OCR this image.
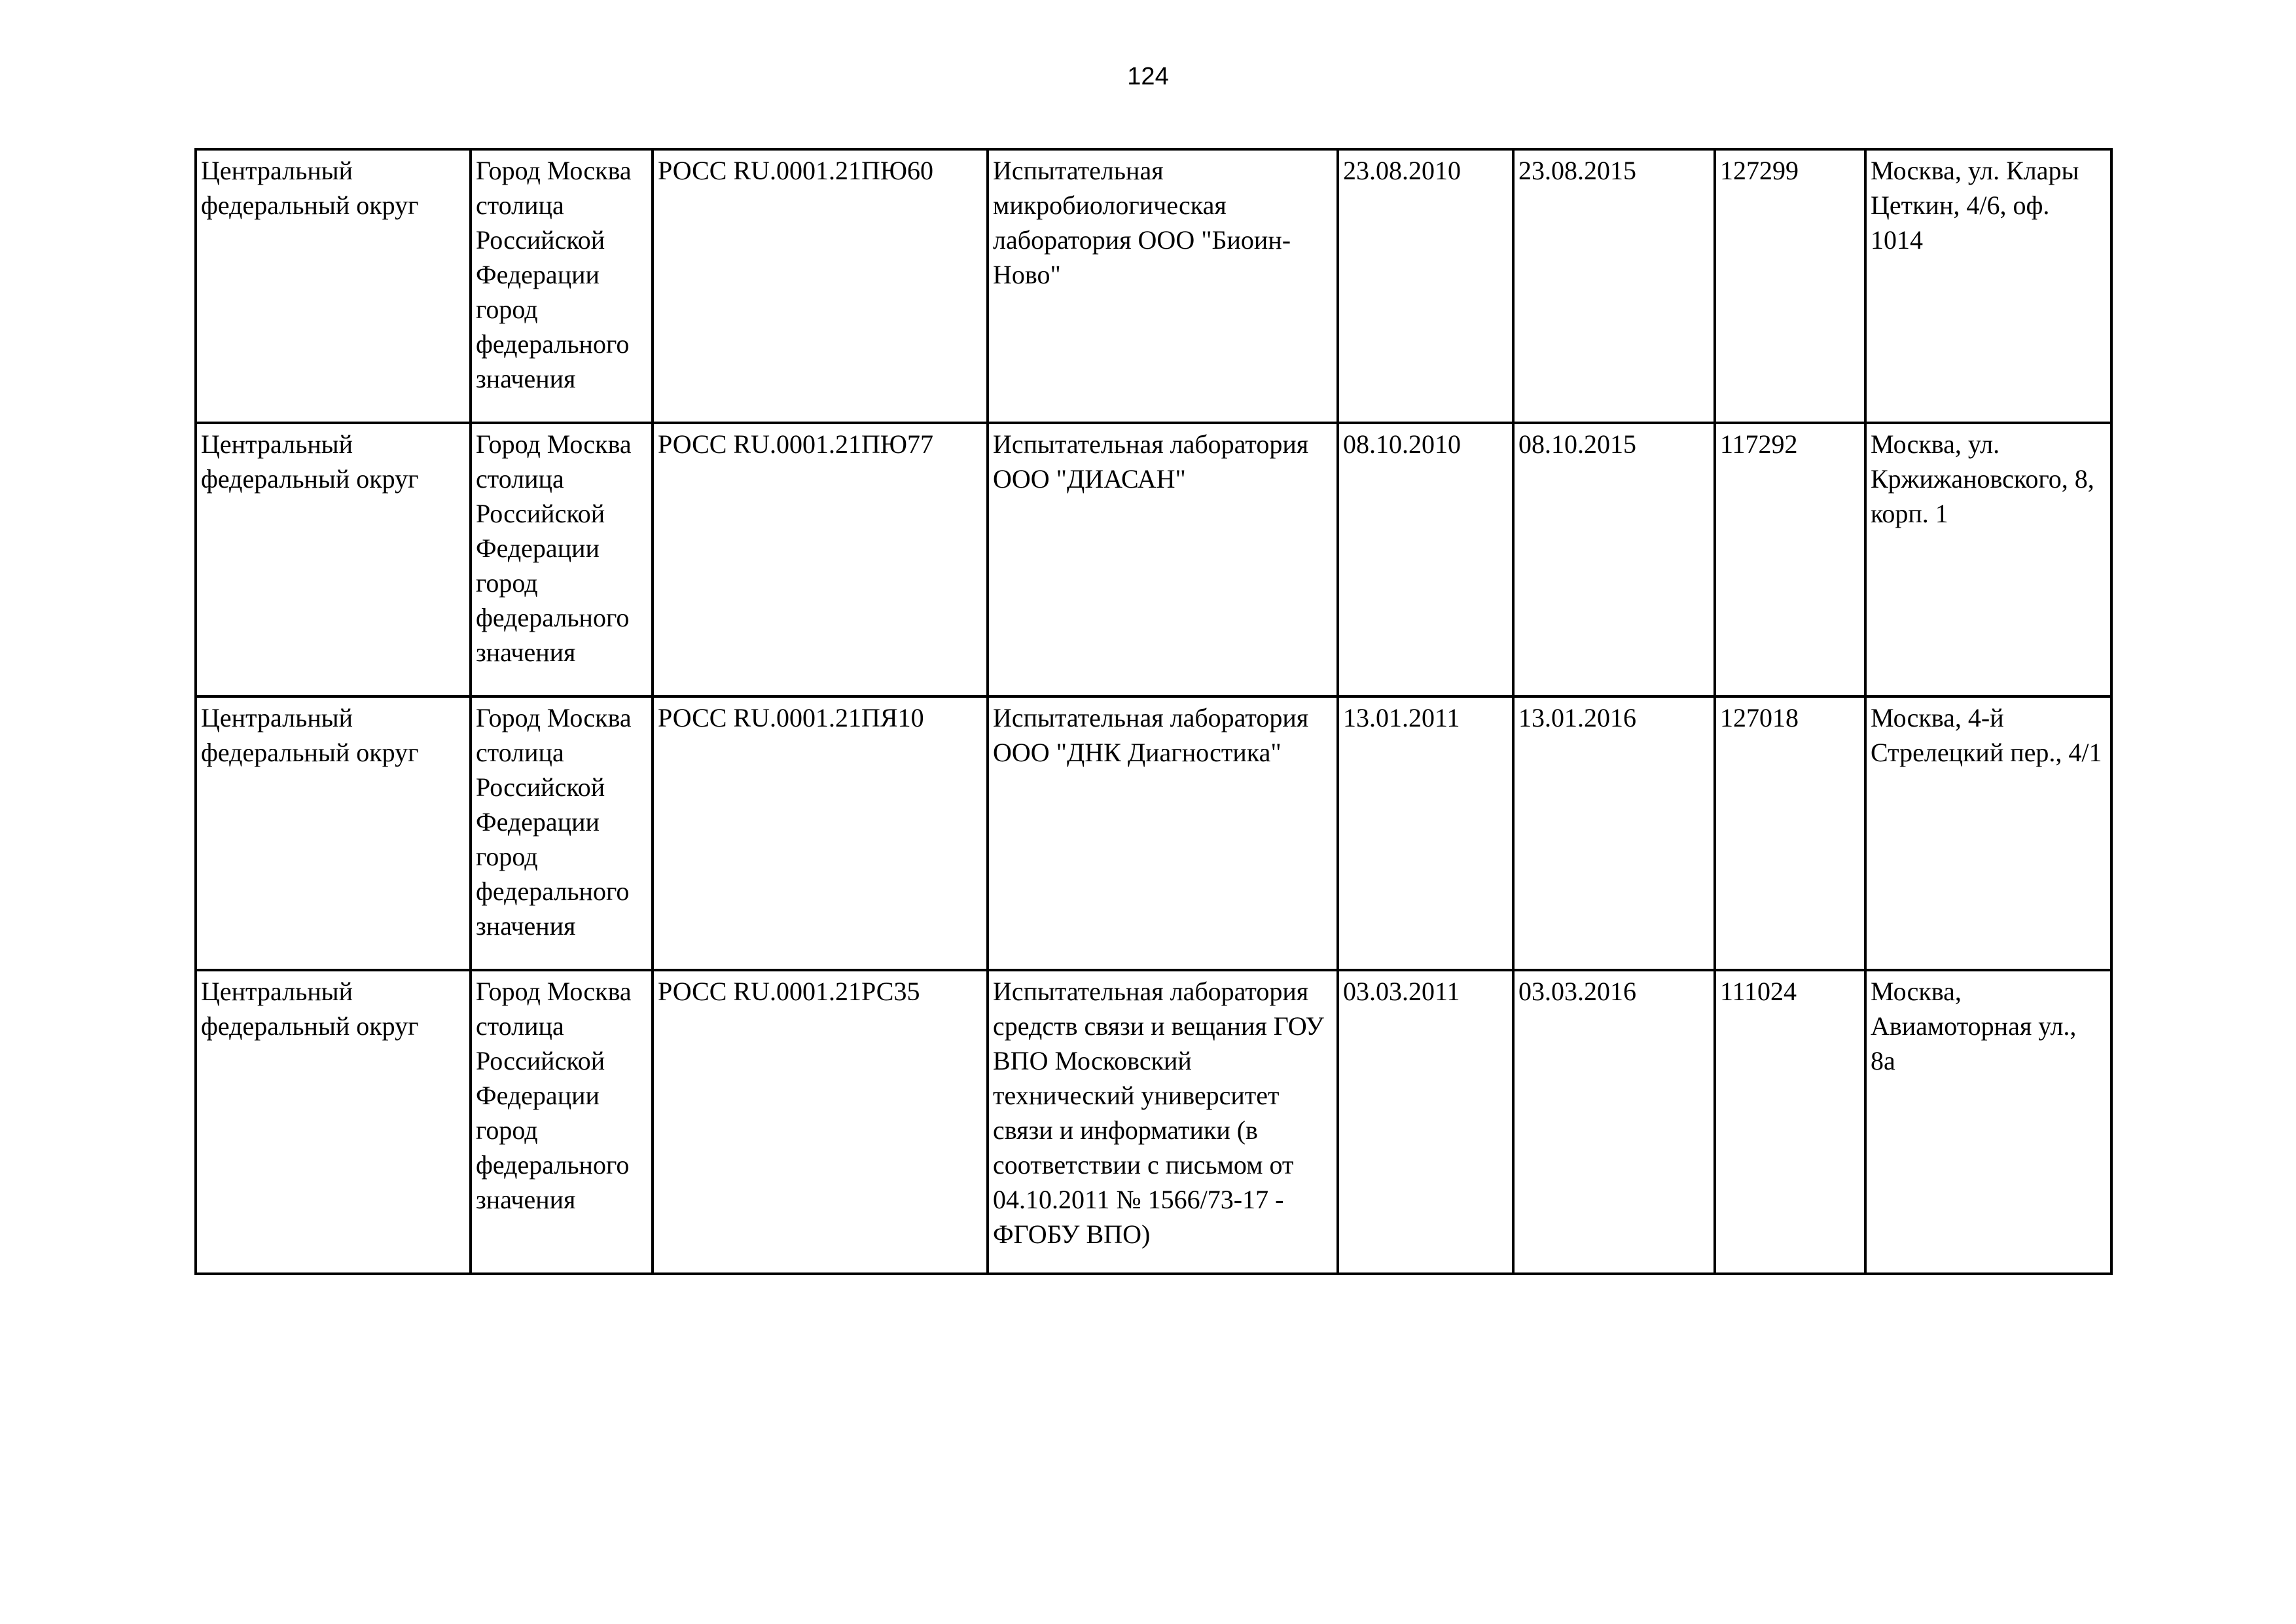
124
Центральный федеральный округ	Город Москва столица Российской Федерации город федерального значения	РОСС RU.0001.21ПЮ60	Испытательная микробиологическая лаборатория ООО "Биоин-Ново"	23.08.2010	23.08.2015	127299	Москва, ул. Клары Цеткин, 4/6, оф. 1014

Центральный федеральный округ	Город Москва столица Российской Федерации город федерального значения	РОСС RU.0001.21ПЮ77	Испытательная лаборатория ООО "ДИАСАН"	08.10.2010	08.10.2015	117292	Москва, ул. Кржижановского, 8, корп. 1

Центральный федеральный округ	Город Москва столица Российской Федерации город федерального значения	РОСС RU.0001.21ПЯ10	Испытательная лаборатория ООО "ДНК Диагностика"	13.01.2011	13.01.2016	127018	Москва, 4-й Стрелецкий пер., 4/1

Центральный федеральный округ	Город Москва столица Российской Федерации город федерального значения	РОСС RU.0001.21РС35	Испытательная лаборатория средств связи и вещания ГОУ ВПО Московский технический университет связи и информатики (в соответствии с письмом от 04.10.2011 № 1566/73-17 - ФГОБУ ВПО)	03.03.2011	03.03.2016	111024	Москва, Авиамоторная ул., 8а
